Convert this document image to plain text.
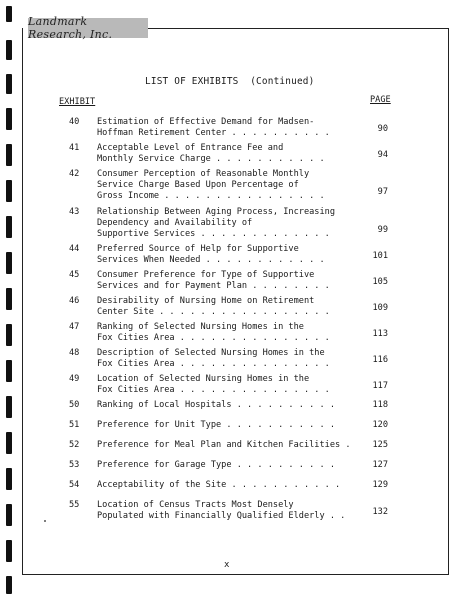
Landmark Research, Inc.
LIST OF EXHIBITS  (Continued)
EXHIBIT	PAGE
40 Estimation of Effective Demand for Madsen-
Hoffman Retirement Center . . . . . . . . . .	90
41 Acceptable Level of Entrance Fee and
Monthly Service Charge . . . . . . . . . . .	94
42 Consumer Perception of Reasonable Monthly
Service Charge Based Upon Percentage of
Gross Income . . . . . . . . . . . . . . . .	97
43 Relationship Between Aging Process, Increasing
Dependency and Availability of
Supportive Services . . . . . . . . . . . . .	99
44 Preferred Source of Help for Supportive
Services When Needed . . . . . . . . . . . .	101
45 Consumer Preference for Type of Supportive
Services and for Payment Plan . . . . . . . .	105
46 Desirability of Nursing Home on Retirement
Center Site . . . . . . . . . . . . . . . . .	109
47 Ranking of Selected Nursing Homes in the
Fox Cities Area . . . . . . . . . . . . . . .	113
48 Description of Selected Nursing Homes in the
Fox Cities Area . . . . . . . . . . . . . . .	116
49 Location of Selected Nursing Homes in the
Fox Cities Area . . . . . . . . . . . . . . .	117
50 Ranking of Local Hospitals . . . . . . . . . .	118
51 Preference for Unit Type . . . . . . . . . . .	120
52 Preference for Meal Plan and Kitchen Facilities .	125
53 Preference for Garage Type . . . . . . . . . .	127
54 Acceptability of the Site . . . . . . . . . . .	129
55 Location of Census Tracts Most Densely
Populated with Financially Qualified Elderly . .	132
x
